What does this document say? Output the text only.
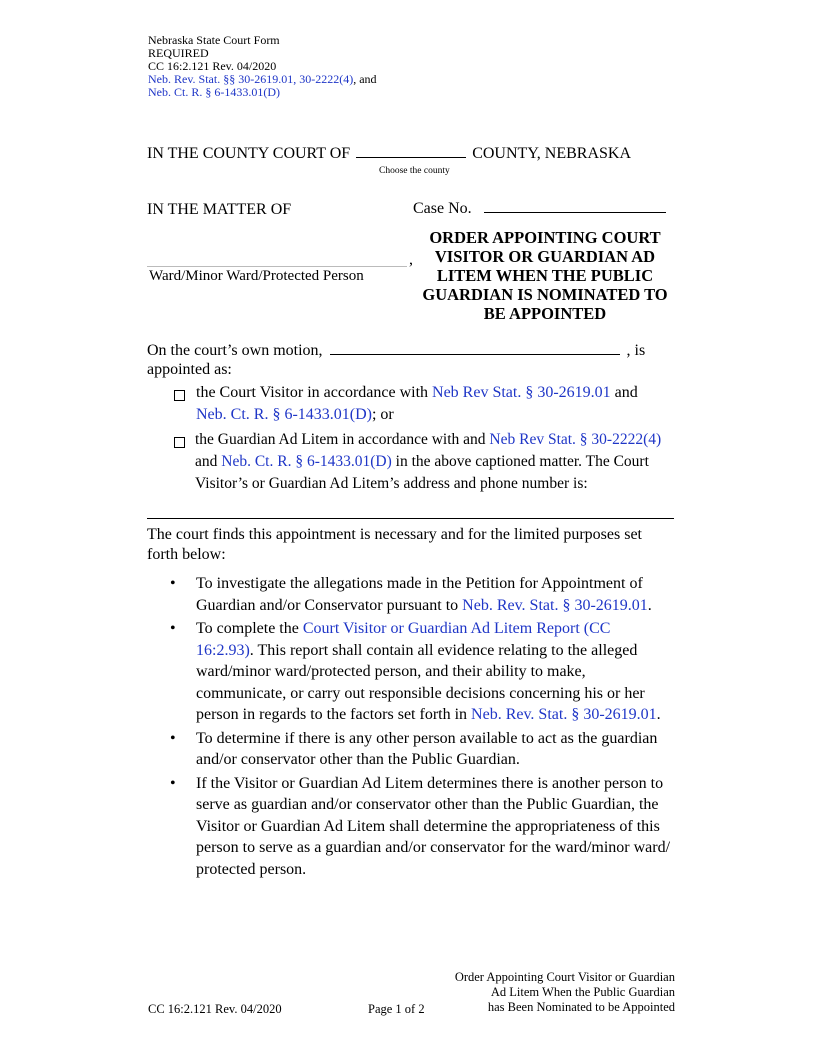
Nebraska State Court Form
REQUIRED
CC 16:2.121 Rev. 04/2020
Neb. Rev. Stat. §§ 30-2619.01, 30-2222(4), and
Neb. Ct. R. § 6-1433.01(D)
IN THE COUNTY COURT OF	COUNTY, NEBRASKA
Choose the county
IN THE MATTER OF
,
Ward/Minor Ward/Protected Person
Case No.
ORDER APPOINTING COURT VISITOR OR GUARDIAN AD LITEM WHEN THE PUBLIC GUARDIAN IS NOMINATED TO BE APPOINTED
On the court’s own motion,	, is
appointed as:
the Court Visitor in accordance with Neb Rev Stat. § 30-2619.01 and
Neb. Ct. R. § 6-1433.01(D); or
the Guardian Ad Litem in accordance with and Neb Rev Stat. § 30-2222(4)
and Neb. Ct. R. § 6-1433.01(D) in the above captioned matter. The Court
Visitor’s or Guardian Ad Litem’s address and phone number is:
The court finds this appointment is necessary and for the limited purposes set forth below:
• To investigate the allegations made in the Petition for Appointment of Guardian and/or Conservator pursuant to Neb. Rev. Stat. § 30-2619.01.
• To complete the Court Visitor or Guardian Ad Litem Report (CC 16:2.93). This report shall contain all evidence relating to the alleged ward/minor ward/protected person, and their ability to make, communicate, or carry out responsible decisions concerning his or her person in regards to the factors set forth in Neb. Rev. Stat. § 30-2619.01.
• To determine if there is any other person available to act as the guardian and/or conservator other than the Public Guardian.
• If the Visitor or Guardian Ad Litem determines there is another person to serve as guardian and/or conservator other than the Public Guardian, the Visitor or Guardian Ad Litem shall determine the appropriateness of this person to serve as a guardian and/or conservator for the ward/minor ward/ protected person.
CC 16:2.121 Rev. 04/2020	Page 1 of 2
Order Appointing Court Visitor or Guardian
Ad Litem When the Public Guardian
has Been Nominated to be Appointed
